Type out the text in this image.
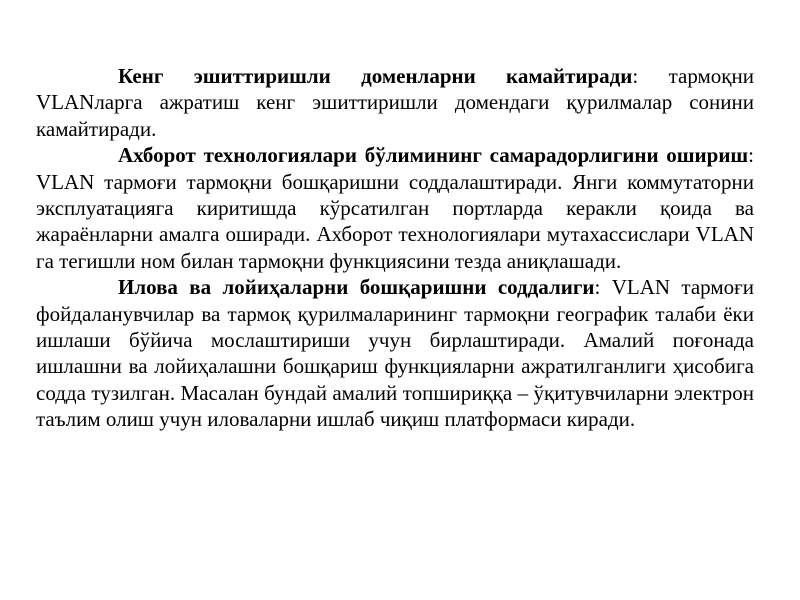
Кенг эшиттиришли доменларни камайтиради: тармоқни VLANларга ажратиш кенг эшиттиришли домендаги қурилмалар сонини камайтиради.

Ахборот технологиялари бўлимининг самарадорлигини ошириш: VLAN тармоғи тармоқни бошқаришни соддалаштиради. Янги коммутаторни эксплуатацияга киритишда кўрсатилган портларда керакли қоида ва жараёнларни амалга оширади. Ахборот технологиялари мутахассислари VLAN га тегишли ном билан тармоқни функциясини тезда аниқлашади.

Илова ва лойиҳаларни бошқаришни соддалиги: VLAN тармоғи фойдаланувчилар ва тармоқ қурилмаларининг тармоқни географик талаби ёки ишлаши бўйича мослаштириши учун бирлаштиради. Амалий поғонада ишлашни ва лойиҳалашни бошқариш функцияларни ажратилганлиги ҳисобига содда тузилган. Масалан бундай амалий топшириққа – ўқитувчиларни электрон таълим олиш учун иловаларни ишлаб чиқиш платформаси киради.
